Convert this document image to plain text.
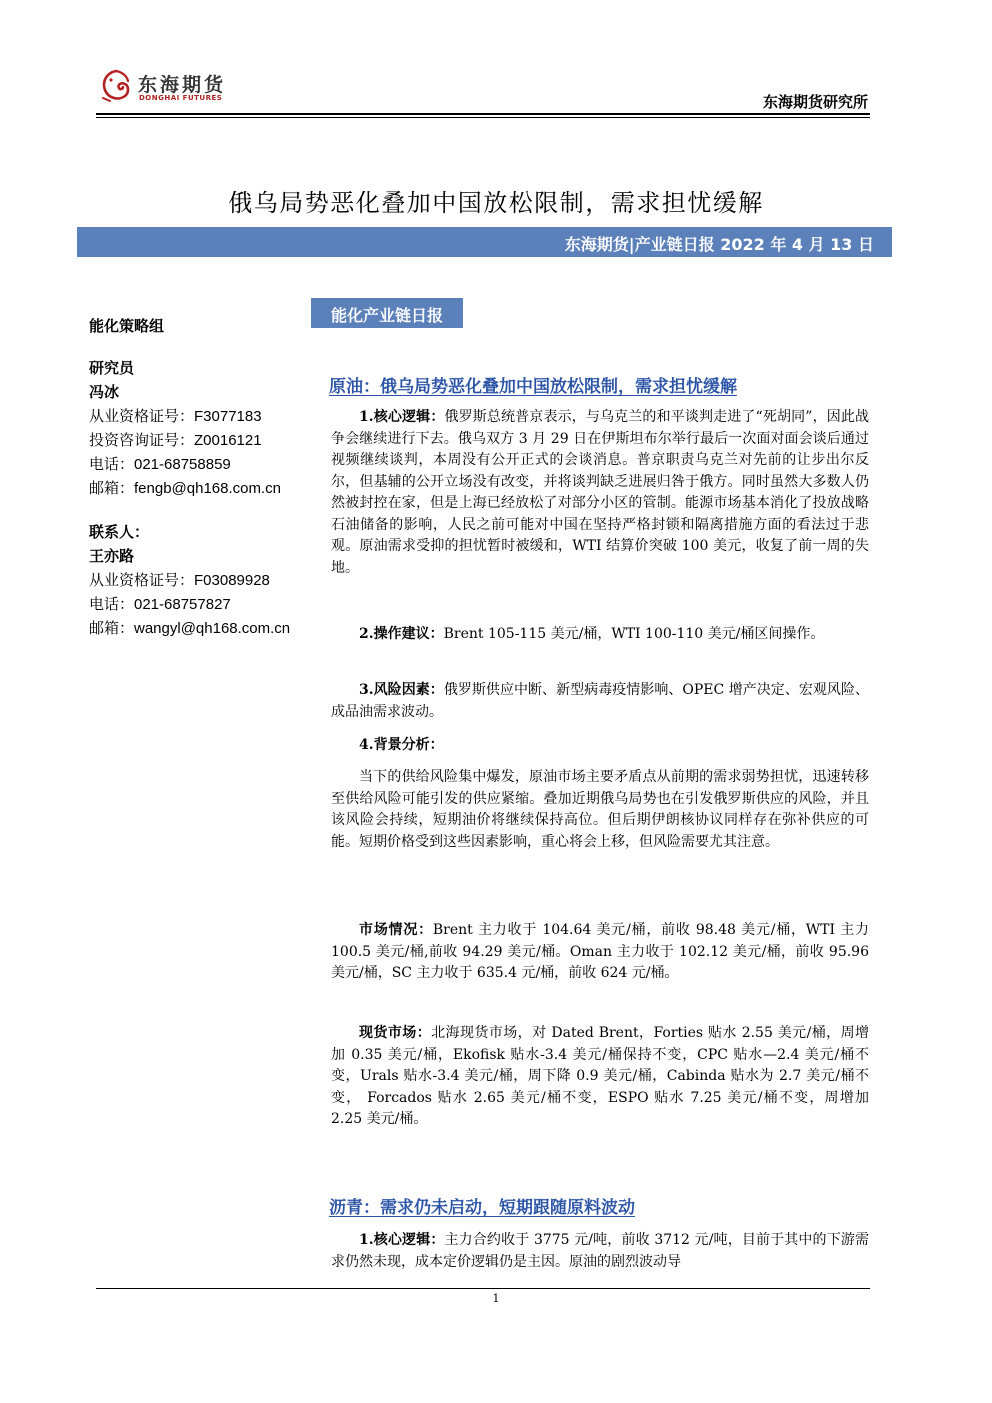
东海期货
DONGHAI FUTURES	东海期货研究所
俄乌局势恶化叠加中国放松限制，需求担忧缓解
东海期货|产业链日报 2022 年 4 月 13 日
能化策略组
研究员
冯冰
从业资格证号：F3077183
投资咨询证号：Z0016121
电话：021-68758859
邮箱：fengb@qh168.com.cn
联系人：
王亦路
从业资格证号：F03089928
电话：021-68757827
邮箱：wangyl@qh168.com.cn
能化产业链日报
原油：俄乌局势恶化叠加中国放松限制，需求担忧缓解
1.核心逻辑：俄罗斯总统普京表示，与乌克兰的和平谈判走进了“死胡同”，因此战争会继续进行下去。俄乌双方 3 月 29 日在伊斯坦布尔举行最后一次面对面会谈后通过视频继续谈判，本周没有公开正式的会谈消息。普京职责乌克兰对先前的让步出尔反尔，但基辅的公开立场没有改变，并将谈判缺乏进展归咎于俄方。同时虽然大多数人仍然被封控在家，但是上海已经放松了对部分小区的管制。能源市场基本消化了投放战略石油储备的影响，人民之前可能对中国在坚持严格封锁和隔离措施方面的看法过于悲观。原油需求受抑的担忧暂时被缓和，WTI 结算价突破 100 美元，收复了前一周的失地。
2.操作建议：Brent 105-115 美元/桶，WTI 100-110 美元/桶区间操作。
3.风险因素：俄罗斯供应中断、新型病毒疫情影响、OPEC 增产决定、宏观风险、成品油需求波动。
4.背景分析：
当下的供给风险集中爆发，原油市场主要矛盾点从前期的需求弱势担忧，迅速转移至供给风险可能引发的供应紧缩。叠加近期俄乌局势也在引发俄罗斯供应的风险，并且该风险会持续，短期油价将继续保持高位。但后期伊朗核协议同样存在弥补供应的可能。短期价格受到这些因素影响，重心将会上移，但风险需要尤其注意。
市场情况：Brent 主力收于 104.64 美元/桶，前收 98.48 美元/桶，WTI 主力 100.5 美元/桶,前收 94.29 美元/桶。Oman 主力收于 102.12 美元/桶，前收 95.96 美元/桶，SC 主力收于 635.4 元/桶，前收 624 元/桶。
现货市场：北海现货市场，对 Dated Brent，Forties 贴水 2.55 美元/桶，周增加 0.35 美元/桶，Ekofisk 贴水-3.4 美元/桶保持不变，CPC 贴水—2.4 美元/桶不变，Urals 贴水-3.4 美元/桶，周下降 0.9 美元/桶，Cabinda 贴水为 2.7 美元/桶不变， Forcados 贴水 2.65 美元/桶不变，ESPO 贴水 7.25 美元/桶不变，周增加 2.25 美元/桶。
沥青：需求仍未启动，短期跟随原料波动
1.核心逻辑：主力合约收于 3775 元/吨，前收 3712 元/吨，目前于其中的下游需求仍然未现，成本定价逻辑仍是主因。原油的剧烈波动导
1
